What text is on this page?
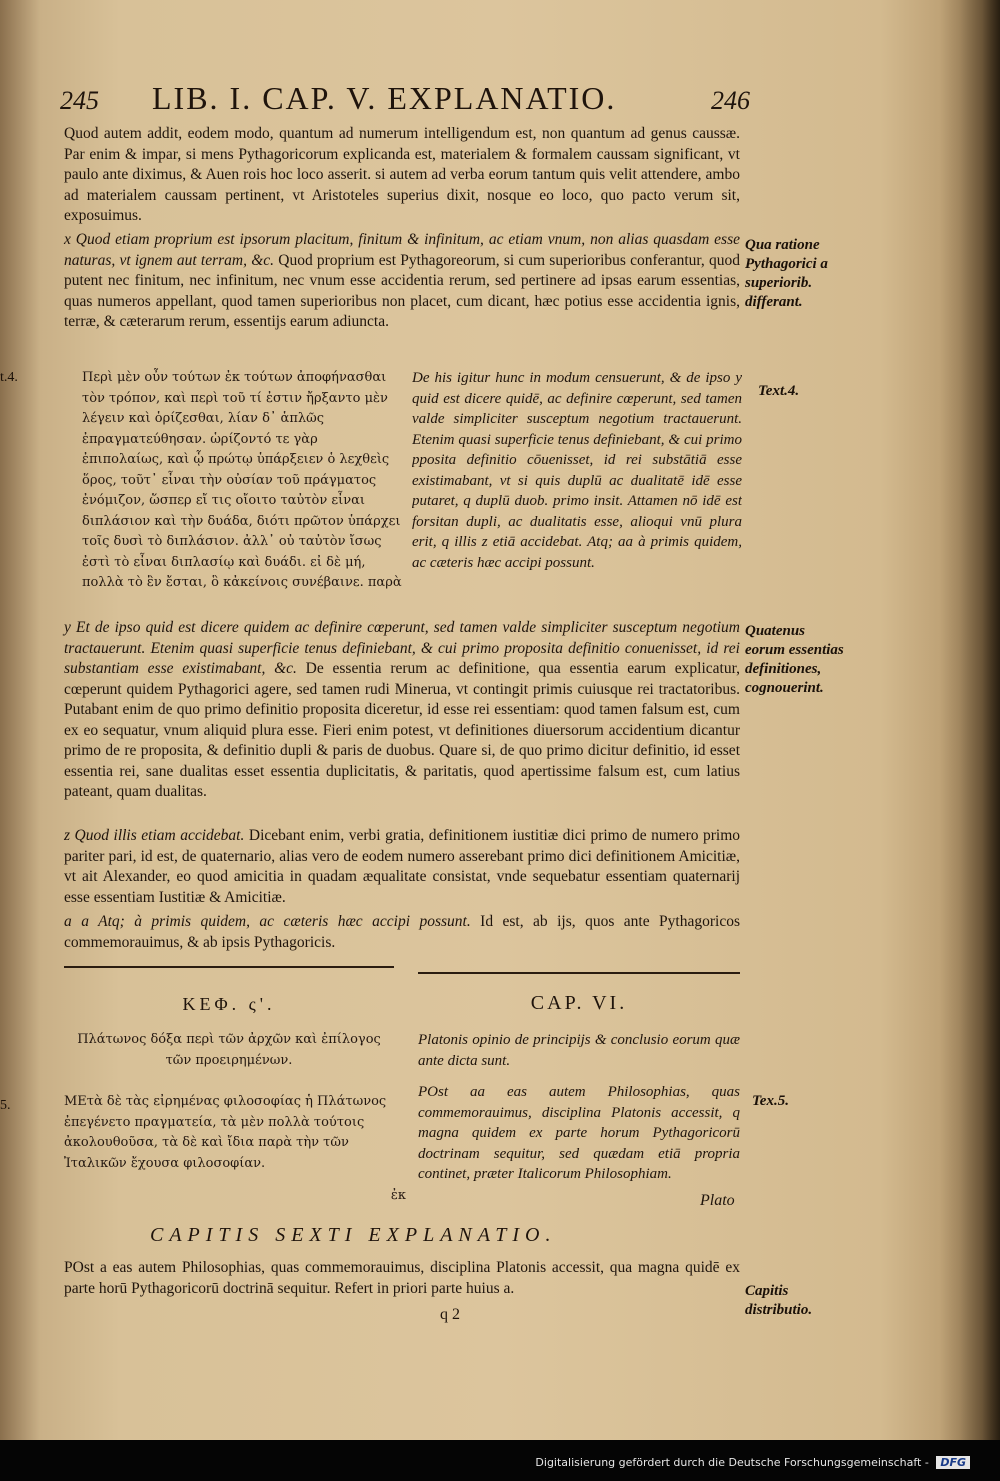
245 LIB. I. CAP. V. EXPLANATIO.	246
Quod autem addit, eodem modo, quantum ad numerum intelligendum est, non quantum ad genus caussæ. Par enim & impar, si mens Pythagoricorum explicanda est, materialem & formalem caussam significant, vt paulo ante diximus, & Auen rois hoc loco asserit. si autem ad verba eorum tantum quis velit attendere, ambo ad materialem caussam pertinent, vt Aristoteles superius dixit, nosque eo loco, quo pacto verum sit, exposuimus.
x Quod etiam proprium est ipsorum placitum, finitum & infinitum, ac etiam vnum, non alias quasdam esse naturas, vt ignem aut terram, &c. Quod proprium est Pythagoreorum, si cum superioribus conferantur, quod putent nec finitum, nec infinitum, nec vnum esse accidentia rerum, sed pertinere ad ipsas earum essentias, quas numeros appellant, quod tamen superioribus non placet, cum dicant, hæc potius esse accidentia ignis, terræ, & cæterarum rerum, essentijs earum adiuncta.
Qua ratione Pythagorici a superiorib. differant.
t.4.	Περὶ μὲν οὖν τούτων ἐκ τούτων ἀποφήνασθαι τὸν τρόπον, καὶ περὶ τοῦ τί ἐστιν ἤρξαντο μὲν λέγειν καὶ ὁρίζεσθαι, λίαν δ᾿ ἁπλῶς ἐπραγματεύθησαν. ὡρίζοντό τε γὰρ ἐπιπολαίως, καὶ ᾧ πρώτῳ ὑπάρξειεν ὁ λεχθεὶς ὅρος, τοῦτ᾿ εἶναι τὴν οὐσίαν τοῦ πράγματος ἐνόμιζον, ὥσπερ εἴ τις οἴοιτο ταὐτὸν εἶναι διπλάσιον καὶ τὴν δυάδα, διότι πρῶτον ὑπάρχει τοῖς δυσὶ τὸ διπλάσιον. ἀλλ᾿ οὐ ταὐτὸν ἴσως ἐστὶ τὸ εἶναι διπλασίῳ καὶ δυάδι. εἰ δὲ μή, πολλὰ τὸ ἓν ἔσται, ὃ κἀκείνοις συνέβαινε. παρὰ
De his igitur hunc in modum censuerunt, & de ipso y quid est dicere quidē, ac definire cœperunt, sed tamen valde simpliciter susceptum negotium tractauerunt. Etenim quasi superficie tenus definiebant, & cui primo pposita definitio cōuenisset, id rei substātiā esse existimabant, vt si quis duplū ac dualitatē idē esse putaret, q duplū duob. primo insit. Attamen nō idē est forsitan dupli, ac dualitatis esse, alioqui vnū plura erit, q illis z etiā accidebat. Atq; aa à primis quidem, ac cæteris hæc accipi possunt.
Text.4.
y Et de ipso quid est dicere quidem ac definire cœperunt, sed tamen valde simpliciter susceptum negotium tractauerunt. Etenim quasi superficie tenus definiebant, & cui primo proposita definitio conuenisset, id rei substantiam esse existimabant, &c. De essentia rerum ac definitione, qua essentia earum explicatur, cœperunt quidem Pythagorici agere, sed tamen rudi Minerua, vt contingit primis cuiusque rei tractatoribus. Putabant enim de quo primo definitio proposita diceretur, id esse rei essentiam: quod tamen falsum est, cum ex eo sequatur, vnum aliquid plura esse. Fieri enim potest, vt definitiones diuersorum accidentium dicantur primo de re proposita, & definitio dupli & paris de duobus. Quare si, de quo primo dicitur definitio, id esset essentia rei, sane dualitas esset essentia duplicitatis, & paritatis, quod apertissime falsum est, cum latius pateant, quam dualitas.
Quatenus eorum essentias definitiones, cognouerint.
z Quod illis etiam accidebat. Dicebant enim, verbi gratia, definitionem iustitiæ dici primo de numero primo pariter pari, id est, de quaternario, alias vero de eodem numero asserebant primo dici definitionem Amicitiæ, vt ait Alexander, eo quod amicitia in quadam æqualitate consistat, vnde sequebatur essentiam quaternarij esse essentiam Iustitiæ & Amicitiæ.
a a Atq; à primis quidem, ac cæteris hæc accipi possunt. Id est, ab ijs, quos ante Pythagoricos commemorauimus, & ab ipsis Pythagoricis.
ΚΕΦ. ς'.	CAP. VI.
Πλάτωνος δόξα περὶ τῶν ἀρχῶν καὶ ἐπίλογος τῶν προειρημένων.
Platonis opinio de principijs & conclusio eorum quæ ante dicta sunt.
5.	ΜΕτὰ δὲ τὰς εἰρημένας φιλοσοφίας ἡ Πλάτωνος ἐπεγένετο πραγματεία, τὰ μὲν πολλὰ τούτοις ἀκολουθοῦσα, τὰ δὲ καὶ ἴδια παρὰ τὴν τῶν Ἰταλικῶν ἔχουσα φιλοσοφίαν.
ἐκ
POst aa eas autem Philosophias, quas commemorauimus, disciplina Platonis accessit, q magna quidem ex parte horum Pythagoricorū doctrinam sequitur, sed quædam etiā propria continet, præter Italicorum Philosophiam.
Plato
Tex.5.
CAPITIS SEXTI EXPLANATIO.
POst a eas autem Philosophias, quas commemorauimus, disciplina Platonis accessit, qua magna quidē ex parte horū Pythagoricorū doctrinā sequitur. Refert in priori parte huius a.	Capitis distributio.
q 2
Digitalisierung gefördert durch die Deutsche Forschungsgemeinschaft - DFG
